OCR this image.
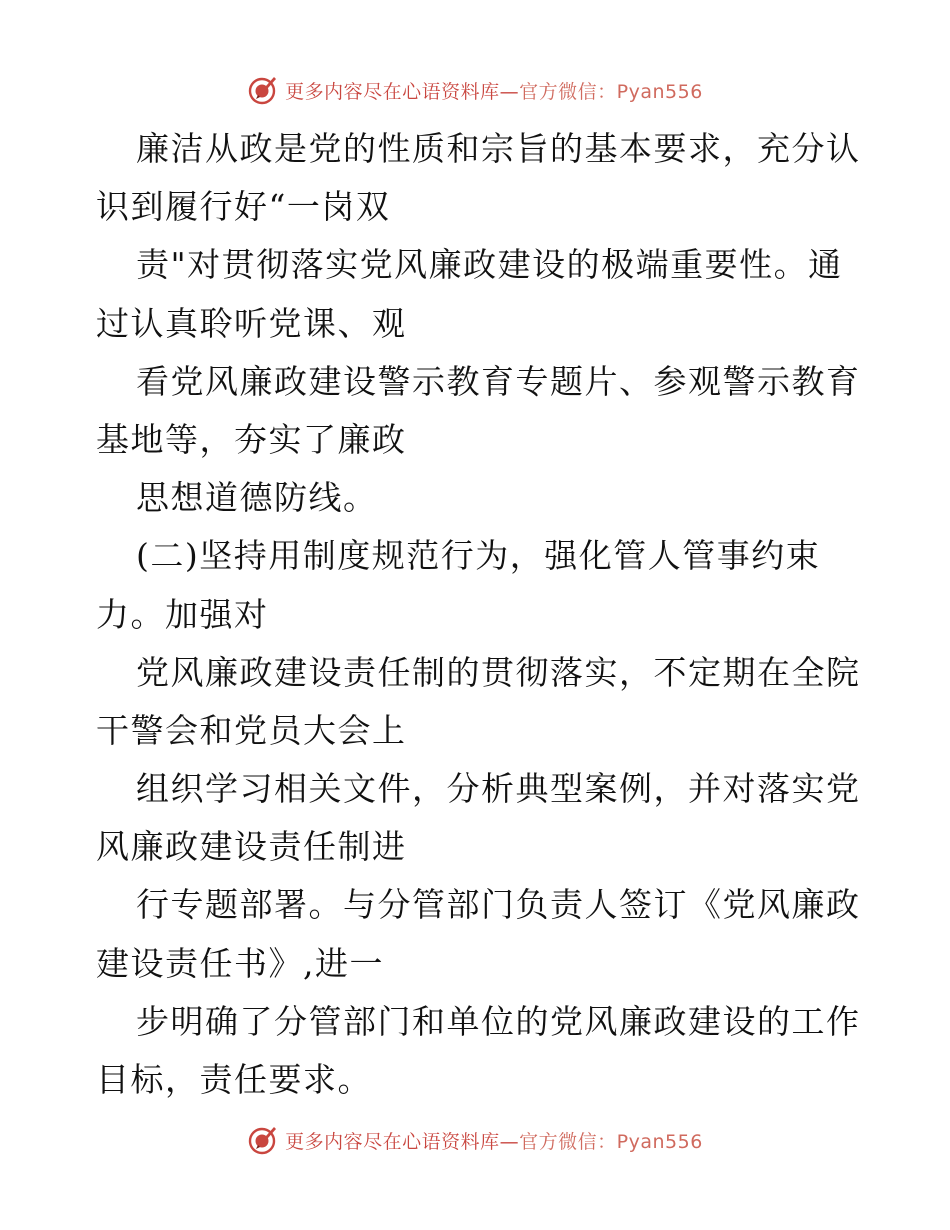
更多内容尽在心语资料库—官方微信：Pyan556
廉洁从政是党的性质和宗旨的基本要求，充分认
识到履行好“一岗双
责"对贯彻落实党风廉政建设的极端重要性。通
过认真聆听党课、观
看党风廉政建设警示教育专题片、参观警示教育
基地等，夯实了廉政
思想道德防线。
(二)坚持用制度规范行为，强化管人管事约束
力。加强对
党风廉政建设责任制的贯彻落实，不定期在全院
干警会和党员大会上
组织学习相关文件，分析典型案例，并对落实党
风廉政建设责任制进
行专题部署。与分管部门负责人签订《党风廉政
建设责任书》,进一
步明确了分管部门和单位的党风廉政建设的工作
目标，责任要求。
更多内容尽在心语资料库—官方微信：Pyan556
